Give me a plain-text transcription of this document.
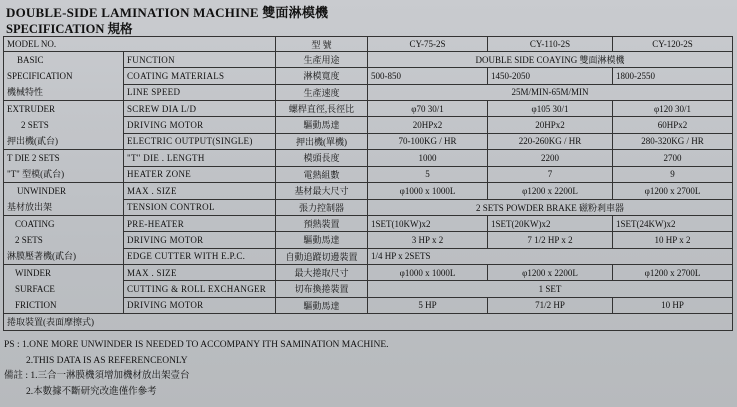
DOUBLE-SIDE LAMINATION MACHINE 雙面淋模機
SPECIFICATION 規格
MODEL NO.		型 號	CY-75-2S	CY-110-2S	CY-120-2S

BASIC
SPECIFICATION
機械特性	FUNCTION	生產用途	DOUBLE SIDE COAYING 雙面淋模機		
	COATING MATERIALS	淋模寬度	500-850	1450-2050	1800-2550
	LINE SPEED	生產速度	25M/MIN-65M/MIN		

EXTRUDER
2 SETS
押出機(貳台)	SCREW DIA L/D	螺桿直徑,長徑比	φ70 30/1	φ105 30/1	φ120 30/1
	DRIVING MOTOR	驅動馬達	20HPx2	20HPx2	60HPx2
	ELECTRIC OUTPUT(SINGLE)	押出機(單機)	70-100KG / HR	220-260KG / HR	280-320KG / HR

T DIE 2 SETS
"T" 型模(貳台)	"T" DIE . LENGTH	模頭長度	1000	2200	2700
	HEATER ZONE	電熱組數	5	7	9

UNWINDER
基材放出架	MAX . SIZE	基材最大尺寸	φ1000 x 1000L	φ1200 x 2200L	φ1200 x 2700L
	TENSION CONTROL	張力控制器	2 SETS POWDER BRAKE 磁粉剎車器		

COATING
2 SETS
淋膜壓著機(貳台)	PRE-HEATER	預熱裝置	1SET(10KW)x2	1SET(20KW)x2	1SET(24KW)x2
	DRIVING MOTOR	驅動馬達	3 HP x 2	7 1/2 HP x 2	10 HP x 2
	EDGE CUTTER WITH E.P.C.	自動追蹤切邊裝置	1/4 HP x 2SETS		

WINDER
SURFACE
FRICTION	MAX . SIZE	最大捲取尺寸	φ1000 x 1000L	φ1200 x 2200L	φ1200 x 2700L
	CUTTING & ROLL EXCHANGER	切布換捲裝置	1 SET		
	DRIVING MOTOR	驅動馬達	5 HP	71/2 HP	10 HP
捲取裝置(表面摩擦式)					
PS : 1.ONE MORE UNWINDER IS NEEDED TO ACCOMPANY ITH SAMINATION MACHINE.
2.THIS DATA IS AS REFERENCEONLY
備註 : 1.三合一淋膜機須增加機材放出架壹台
2.本數據不斷研究改進僅作參考
